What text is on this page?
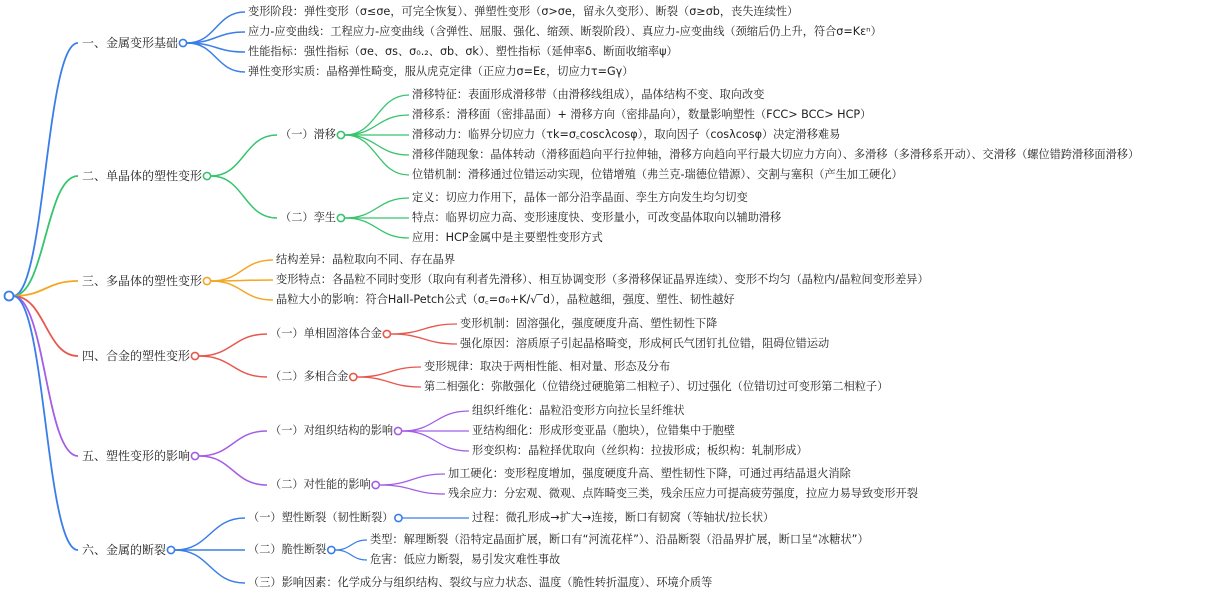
一、金属变形基础
变形阶段：弹性变形（σ≤σe，可完全恢复）、弹塑性变形（σ>σe，留永久变形）、断裂（σ≥σb，丧失连续性）
应力-应变曲线：工程应力-应变曲线（含弹性、屈服、强化、缩颈、断裂阶段）、真应力-应变曲线（颈缩后仍上升，符合σ=Kεⁿ）
性能指标：强性指标（σe、σs、σ₀.₂、σb、σk）、塑性指标（延伸率δ、断面收缩率ψ）
弹性变形实质：晶格弹性畸变，服从虎克定律（正应力σ=Eε，切应力τ=Gγ）
二、单晶体的塑性变形
（一）滑移
滑移特征：表面形成滑移带（由滑移线组成），晶体结构不变、取向改变
滑移系：滑移面（密排晶面）+ 滑移方向（密排晶向），数量影响塑性（FCC> BCC> HCP）
滑移动力：临界分切应力（τk=σ꜀coscλcosφ），取向因子（cosλcosφ）决定滑移难易
滑移伴随现象：晶体转动（滑移面趋向平行拉伸轴，滑移方向趋向平行最大切应力方向）、多滑移（多滑移系开动）、交滑移（螺位错跨滑移面滑移）
位错机制：滑移通过位错运动实现，位错增殖（弗兰克-瑞德位错源）、交割与塞积（产生加工硬化）
（二）孪生
定义：切应力作用下，晶体一部分沿孪晶面、孪生方向发生均匀切变
特点：临界切应力高、变形速度快、变形量小，可改变晶体取向以辅助滑移
应用：HCP金属中是主要塑性变形方式
三、多晶体的塑性变形
结构差异：晶粒取向不同、存在晶界
变形特点：各晶粒不同时变形（取向有利者先滑移）、相互协调变形（多滑移保证晶界连续）、变形不均匀（晶粒内/晶粒间变形差异）
晶粒大小的影响：符合Hall-Petch公式（σ꜀=σ₀+K/√‾d），晶粒越细，强度、塑性、韧性越好
四、合金的塑性变形
（一）单相固溶体合金
变形机制：固溶强化，强度硬度升高、塑性韧性下降
强化原因：溶质原子引起晶格畸变，形成柯氏气团钉扎位错，阻碍位错运动
（二）多相合金
变形规律：取决于两相性能、相对量、形态及分布
第二相强化：弥散强化（位错绕过硬脆第二相粒子）、切过强化（位错切过可变形第二相粒子）
五、塑性变形的影响
（一）对组织结构的影响
组织纤维化：晶粒沿变形方向拉长呈纤维状
亚结构细化：形成形变亚晶（胞块），位错集中于胞壁
形变织构：晶粒择优取向（丝织构：拉拔形成；板织构：轧制形成）
（二）对性能的影响
加工硬化：变形程度增加，强度硬度升高、塑性韧性下降，可通过再结晶退火消除
残余应力：分宏观、微观、点阵畸变三类，残余压应力可提高疲劳强度，拉应力易导致变形开裂
六、金属的断裂
（一）塑性断裂（韧性断裂）	过程：微孔形成→扩大→连接，断口有韧窝（等轴状/拉长状）
（二）脆性断裂
类型：解理断裂（沿特定晶面扩展，断口有“河流花样”）、沿晶断裂（沿晶界扩展，断口呈“冰糖状”）
危害：低应力断裂，易引发灾难性事故
（三）影响因素：化学成分与组织结构、裂纹与应力状态、温度（脆性转折温度）、环境介质等
